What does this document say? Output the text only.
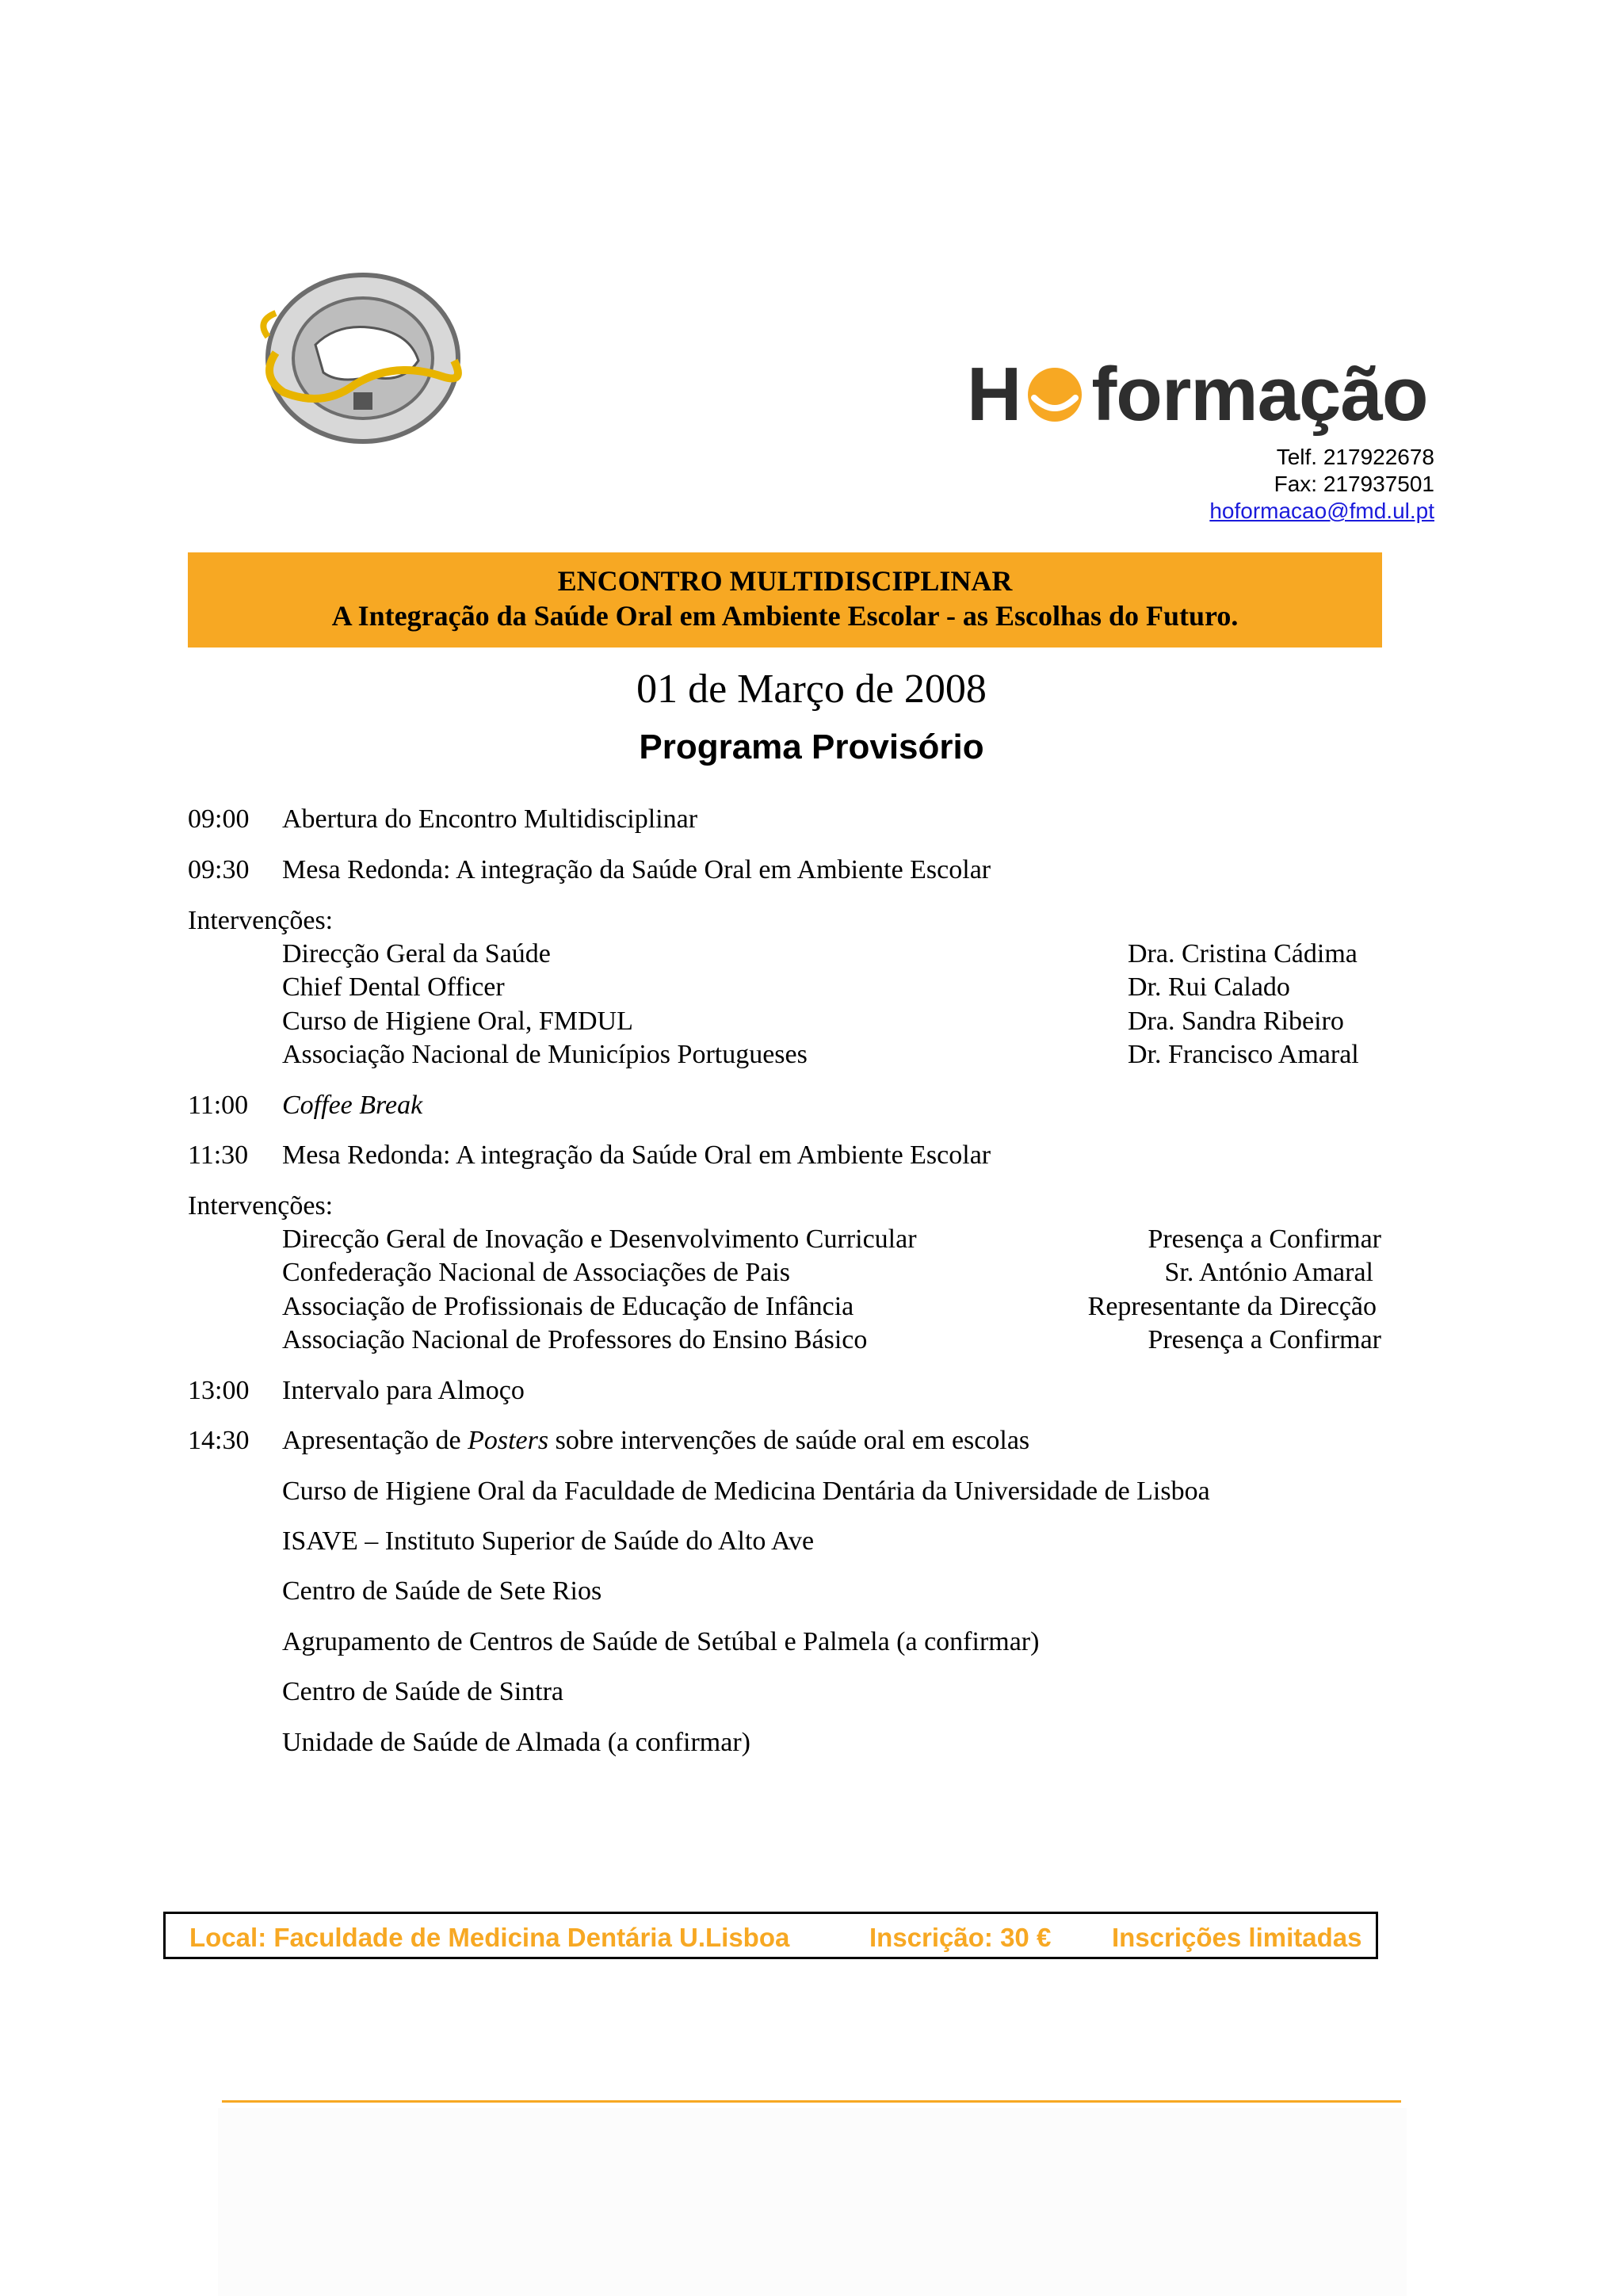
H formação
Telf. 217922678
Fax: 217937501
hoformacao@fmd.ul.pt
ENCONTRO MULTIDISCIPLINAR
A Integração da Saúde Oral em Ambiente Escolar - as Escolhas do Futuro.
01 de Março de 2008
Programa Provisório
09:00 Abertura do Encontro Multidisciplinar
09:30 Mesa Redonda: A integração da Saúde Oral em Ambiente Escolar
Intervenções:
Direcção Geral da Saúde	Dra. Cristina Cádima
Chief Dental Officer	Dr. Rui Calado
Curso de Higiene Oral, FMDUL	Dra. Sandra Ribeiro
Associação Nacional de Municípios Portugueses	Dr. Francisco Amaral
11:00 Coffee Break
11:30 Mesa Redonda: A integração da Saúde Oral em Ambiente Escolar
Intervenções:
Direcção Geral de Inovação e Desenvolvimento Curricular	Presença a Confirmar
Confederação Nacional de Associações de Pais	Sr. António Amaral
Associação de Profissionais de Educação de Infância	Representante da Direcção
Associação Nacional de Professores do Ensino Básico	Presença a Confirmar
13:00 Intervalo para Almoço
14:30 Apresentação de Posters sobre intervenções de saúde oral em escolas
Curso de Higiene Oral da Faculdade de Medicina Dentária da Universidade de Lisboa
ISAVE – Instituto Superior de Saúde do Alto Ave
Centro de Saúde de Sete Rios
Agrupamento de Centros de Saúde de Setúbal e Palmela (a confirmar)
Centro de Saúde de Sintra
Unidade de Saúde de Almada (a confirmar)
Local: Faculdade de Medicina Dentária U.Lisboa	Inscrição: 30 € Inscrições limitadas
